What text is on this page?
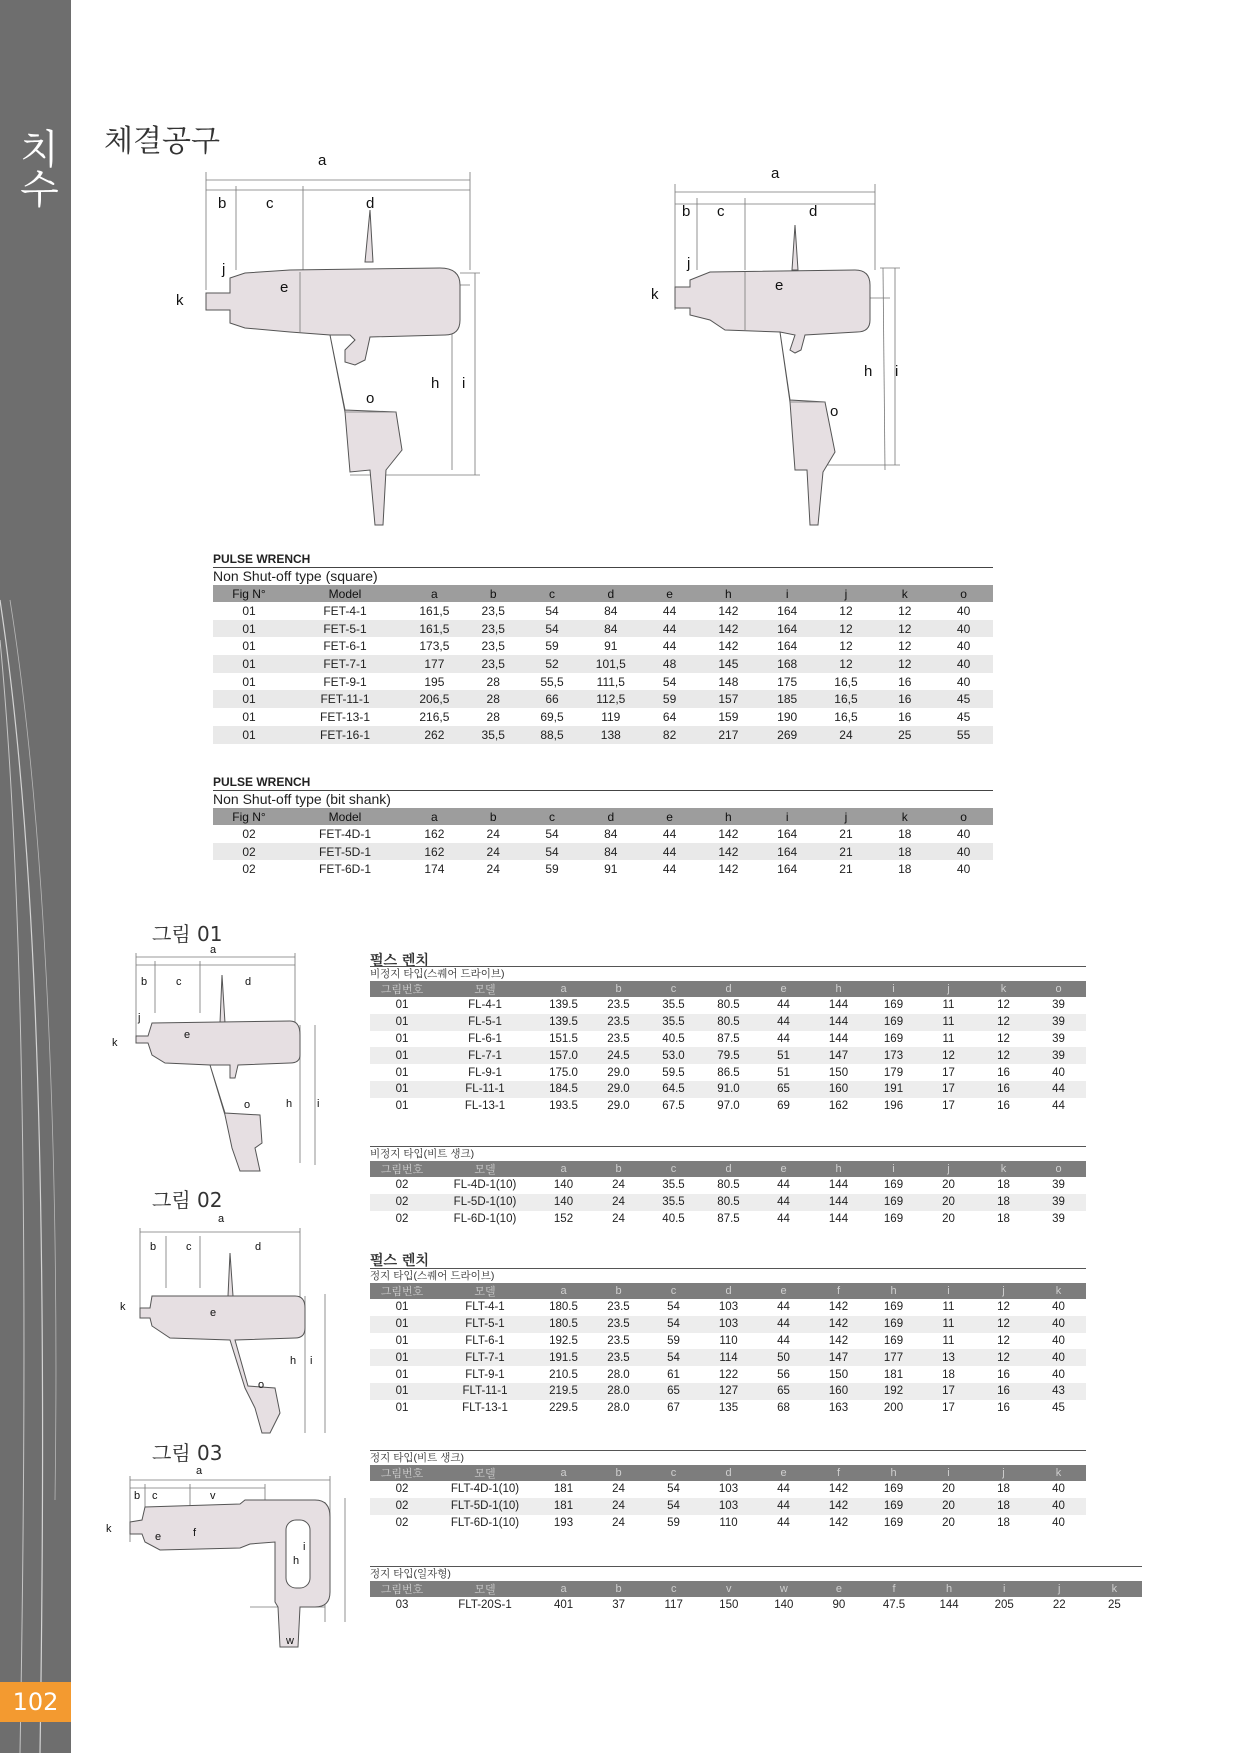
치수
102
체결공구
a
b	c	d
e
h i
j
k
o
a
b c	d
e
h i
j
k
o
PULSE WRENCH
Non Shut-off type (square)
Fig N°	Model	a	b	c	d	e	h	i	j	k	o
01	FET-4-1	161,5	23,5	54	84	44	142	164	12	12	40
01	FET-5-1	161,5	23,5	54	84	44	142	164	12	12	40
01	FET-6-1	173,5	23,5	59	91	44	142	164	12	12	40
01	FET-7-1	177	23,5	52	101,5	48	145	168	12	12	40
01	FET-9-1	195	28	55,5	111,5	54	148	175	16,5	16	40
01	FET-11-1	206,5	28	66	112,5	59	157	185	16,5	16	45
01	FET-13-1	216,5	28	69,5	119	64	159	190	16,5	16	45
01	FET-16-1	262	35,5	88,5	138	82	217	269	24	25	55
PULSE WRENCH
Non Shut-off type (bit shank)
Fig N°	Model	a	b	c	d	e	h	i	j	k	o
02	FET-4D-1	162	24	54	84	44	142	164	21	18	40
02	FET-5D-1	162	24	54	84	44	142	164	21	18	40
02	FET-6D-1	174	24	59	91	44	142	164	21	18	40
그림 01
그림 02
그림 03
a
b	c	d
e
h i
j
k
o
a
b	c	d
e
h i
k
o
a
b c	v
e	f
h
i
k
w
펄스 렌치
비정지 타입(스퀘어 드라이브)
그림번호	모델	a	b	c	d	e	h	i	j	k	o
01	FL-4-1	139.5	23.5	35.5	80.5	44	144	169	11	12	39
01	FL-5-1	139.5	23.5	35.5	80.5	44	144	169	11	12	39
01	FL-6-1	151.5	23.5	40.5	87.5	44	144	169	11	12	39
01	FL-7-1	157.0	24.5	53.0	79.5	51	147	173	12	12	39
01	FL-9-1	175.0	29.0	59.5	86.5	51	150	179	17	16	40
01	FL-11-1	184.5	29.0	64.5	91.0	65	160	191	17	16	44
01	FL-13-1	193.5	29.0	67.5	97.0	69	162	196	17	16	44
비정지 타입(비트 생크)
그림번호	모델	a	b	c	d	e	h	i	j	k	o
02	FL-4D-1(10)	140	24	35.5	80.5	44	144	169	20	18	39
02	FL-5D-1(10)	140	24	35.5	80.5	44	144	169	20	18	39
02	FL-6D-1(10)	152	24	40.5	87.5	44	144	169	20	18	39
펄스 렌치
정지 타입(스퀘어 드라이브)
그림번호	모델	a	b	c	d	e	f	h	i	j	k
01	FLT-4-1	180.5	23.5	54	103	44	142	169	11	12	40
01	FLT-5-1	180.5	23.5	54	103	44	142	169	11	12	40
01	FLT-6-1	192.5	23.5	59	110	44	142	169	11	12	40
01	FLT-7-1	191.5	23.5	54	114	50	147	177	13	12	40
01	FLT-9-1	210.5	28.0	61	122	56	150	181	18	16	40
01	FLT-11-1	219.5	28.0	65	127	65	160	192	17	16	43
01	FLT-13-1	229.5	28.0	67	135	68	163	200	17	16	45
정지 타입(비트 생크)
그림번호	모델	a	b	c	d	e	f	h	i	j	k
02	FLT-4D-1(10)	181	24	54	103	44	142	169	20	18	40
02	FLT-5D-1(10)	181	24	54	103	44	142	169	20	18	40
02	FLT-6D-1(10)	193	24	59	110	44	142	169	20	18	40
정지 타입(일자형)
그림번호	모델	a	b	c	v	w	e	f	h	i	j	k
03	FLT-20S-1	401	37	117	150	140	90	47.5	144	205	22	25
